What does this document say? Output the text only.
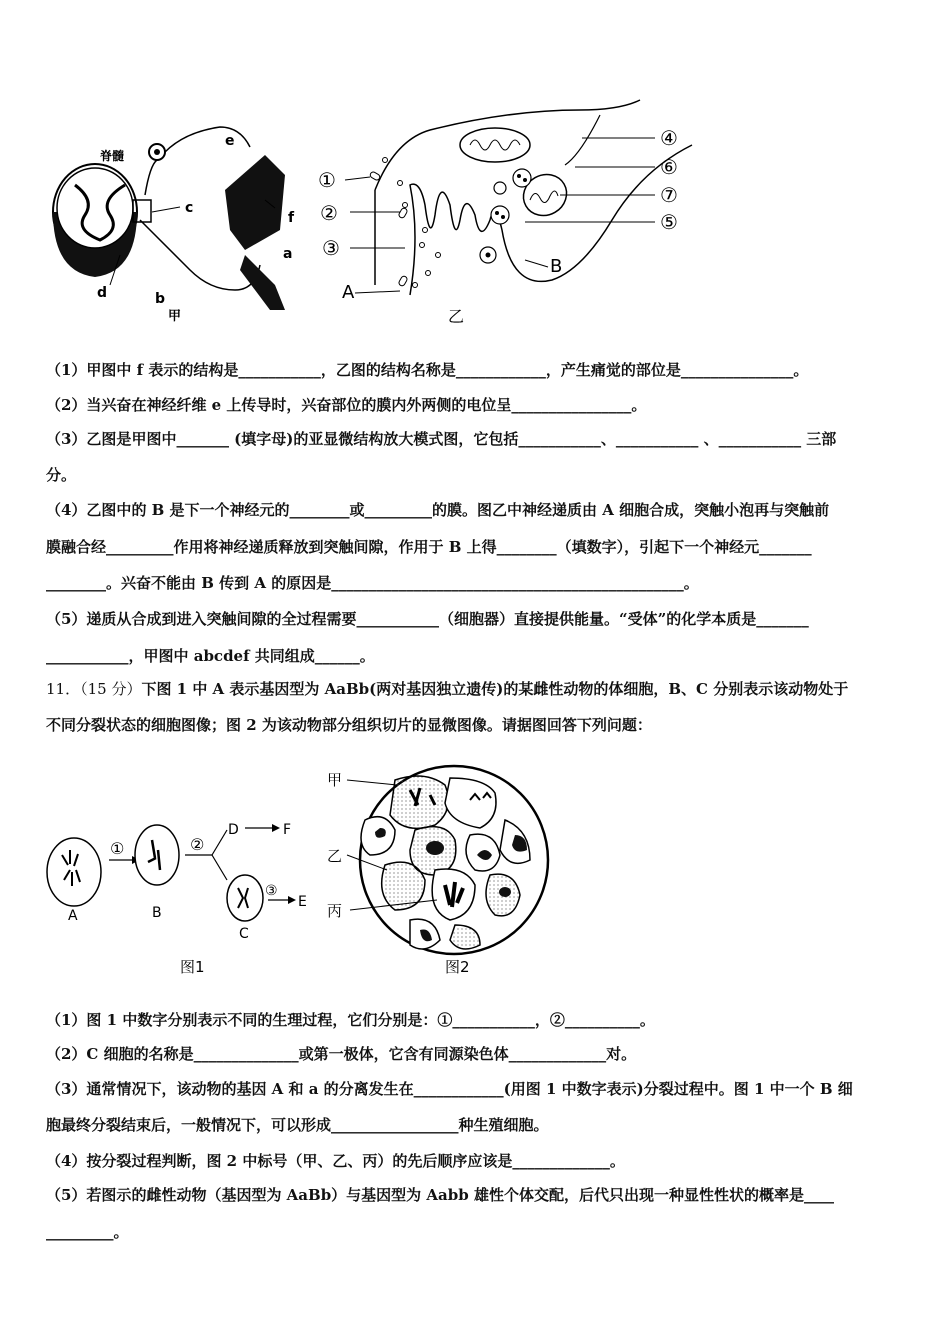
脊髓
e
c
f
a
d	b
甲
①
②
③
A
④
⑥
⑦
⑤
B
乙
（1）甲图中 f 表示的结构是___________，乙图的结构名称是____________，产生痛觉的部位是_______________。
（2）当兴奋在神经纤维 e 上传导时，兴奋部位的膜内外两侧的电位呈________________。
（3）乙图是甲图中_______ (填字母)的亚显微结构放大模式图，它包括___________、___________ 、___________ 三部
分。
（4）乙图中的 B 是下一个神经元的________或_________的膜。图乙中神经递质由 A 细胞合成，突触小泡再与突触前
膜融合经_________作用将神经递质释放到突触间隙，作用于 B 上得________（填数字），引起下一个神经元_______
________。兴奋不能由 B 传到 A 的原因是_______________________________________________。
（5）递质从合成到进入突触间隙的全过程需要___________（细胞器）直接提供能量。“受体”的化学本质是_______
___________，甲图中 abcdef 共同组成______。
11．（15 分）下图 1 中 A 表示基因型为 AaBb(两对基因独立遗传)的某雌性动物的体细胞，B、C 分别表示该动物处于
不同分裂状态的细胞图像；图 2 为该动物部分组织切片的显微图像。请据图回答下列问题：
①	②
D	F
③
E
A	B
C
图1
甲
乙
丙
图2
（1）图 1 中数字分别表示不同的生理过程，它们分别是：①___________，②__________。
（2）C 细胞的名称是______________或第一极体，它含有同源染色体_____________对。
（3）通常情况下，该动物的基因 A 和 a 的分离发生在____________(用图 1 中数字表示)分裂过程中。图 1 中一个 B 细
胞最终分裂结束后，一般情况下，可以形成_________________种生殖细胞。
（4）按分裂过程判断，图 2 中标号（甲、乙、丙）的先后顺序应该是_____________。
（5）若图示的雌性动物（基因型为 AaBb）与基因型为 Aabb 雄性个体交配，后代只出现一种显性性状的概率是____
_________。
